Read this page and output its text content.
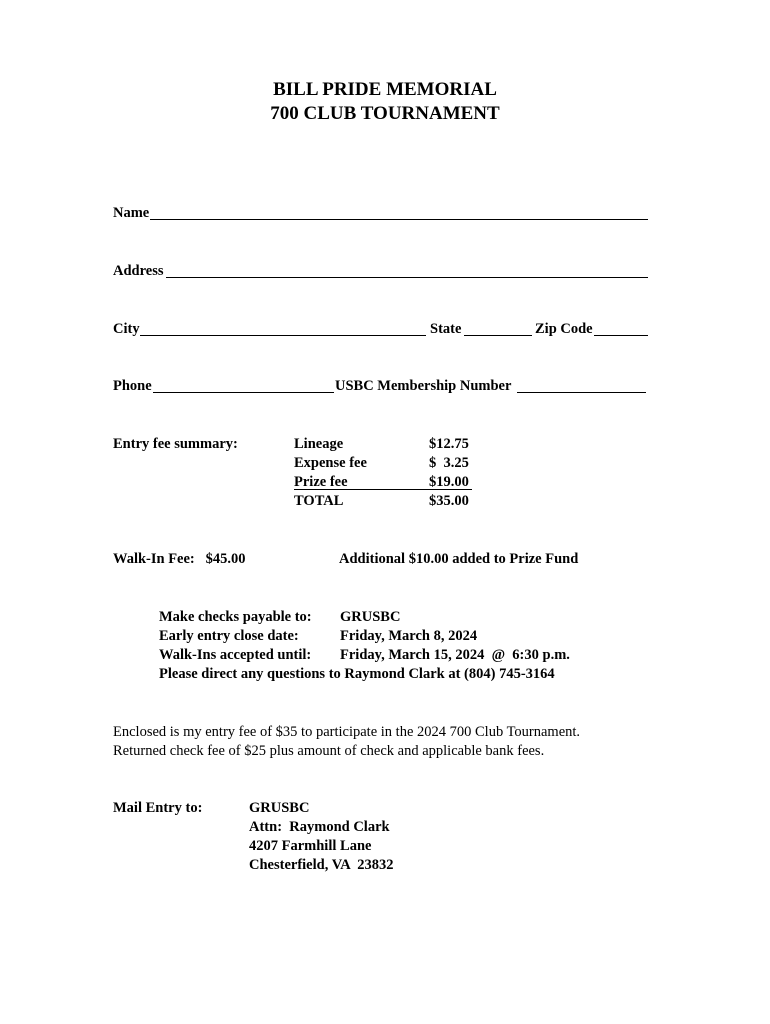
BILL PRIDE MEMORIAL
700 CLUB TOURNAMENT
Name
Address
City	State	Zip Code
Phone	USBC Membership Number
Entry fee summary:	Lineage	$12.75
Expense fee	$  3.25
Prize fee	$19.00
TOTAL	$35.00
Walk-In Fee:   $45.00	Additional $10.00 added to Prize Fund
Make checks payable to: GRUSBC
Early entry close date:	Friday, March 8, 2024
Walk-Ins accepted until: Friday, March 15, 2024  @  6:30 p.m.
Please direct any questions to Raymond Clark at (804) 745-3164
Enclosed is my entry fee of $35 to participate in the 2024 700 Club Tournament.
Returned check fee of $25 plus amount of check and applicable bank fees.
Mail Entry to:	GRUSBC
Attn:  Raymond Clark
4207 Farmhill Lane
Chesterfield, VA  23832
